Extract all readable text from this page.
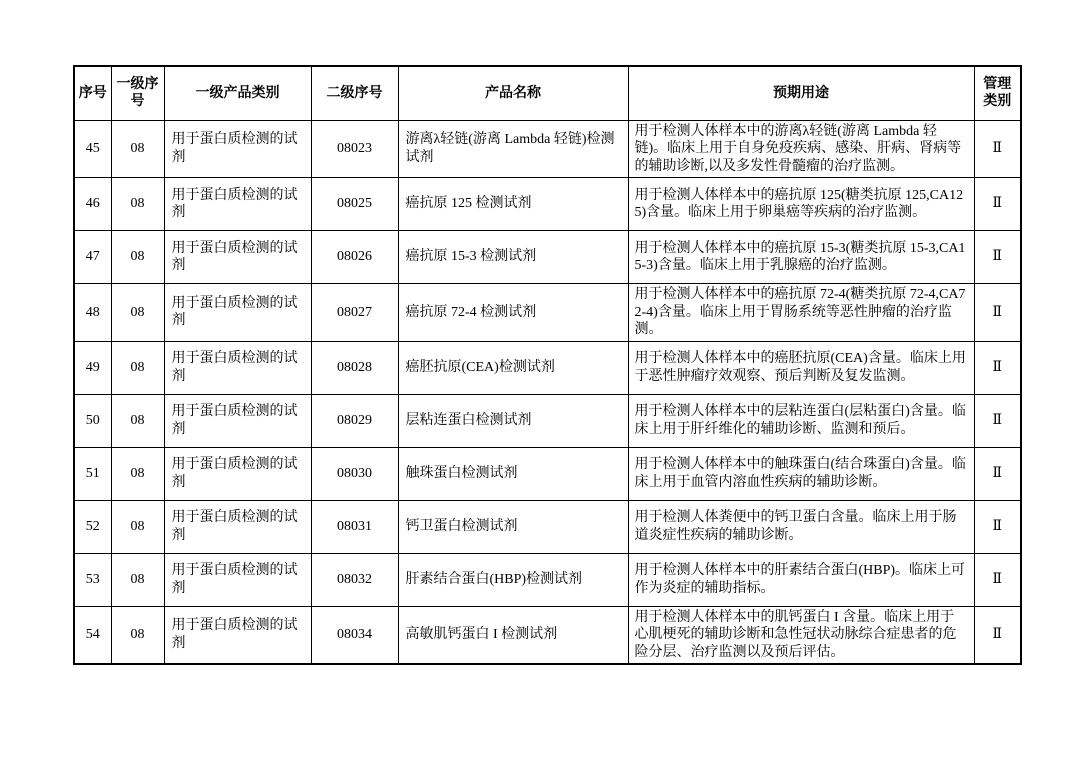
序号	一级序号	一级产品类别	二级序号	产品名称	预期用途	管理类别
45	08	用于蛋白质检测的试剂	08023	游离λ轻链(游离 Lambda 轻链)检测试剂	用于检测人体样本中的游离λ轻链(游离 Lambda 轻链)。临床上用于自身免疫疾病、感染、肝病、肾病等的辅助诊断,以及多发性骨髓瘤的治疗监测。	Ⅱ
46	08	用于蛋白质检测的试剂	08025	癌抗原 125 检测试剂	用于检测人体样本中的癌抗原 125(糖类抗原 125,CA125)含量。临床上用于卵巢癌等疾病的治疗监测。	Ⅱ
47	08	用于蛋白质检测的试剂	08026	癌抗原 15-3 检测试剂	用于检测人体样本中的癌抗原 15-3(糖类抗原 15-3,CA15-3)含量。临床上用于乳腺癌的治疗监测。	Ⅱ
48	08	用于蛋白质检测的试剂	08027	癌抗原 72-4 检测试剂	用于检测人体样本中的癌抗原 72-4(糖类抗原 72-4,CA72-4)含量。临床上用于胃肠系统等恶性肿瘤的治疗监测。	Ⅱ
49	08	用于蛋白质检测的试剂	08028	癌胚抗原(CEA)检测试剂	用于检测人体样本中的癌胚抗原(CEA)含量。临床上用于恶性肿瘤疗效观察、预后判断及复发监测。	Ⅱ
50	08	用于蛋白质检测的试剂	08029	层粘连蛋白检测试剂	用于检测人体样本中的层粘连蛋白(层粘蛋白)含量。临床上用于肝纤维化的辅助诊断、监测和预后。	Ⅱ
51	08	用于蛋白质检测的试剂	08030	触珠蛋白检测试剂	用于检测人体样本中的触珠蛋白(结合珠蛋白)含量。临床上用于血管内溶血性疾病的辅助诊断。	Ⅱ
52	08	用于蛋白质检测的试剂	08031	钙卫蛋白检测试剂	用于检测人体粪便中的钙卫蛋白含量。临床上用于肠道炎症性疾病的辅助诊断。	Ⅱ
53	08	用于蛋白质检测的试剂	08032	肝素结合蛋白(HBP)检测试剂	用于检测人体样本中的肝素结合蛋白(HBP)。临床上可作为炎症的辅助指标。	Ⅱ
54	08	用于蛋白质检测的试剂	08034	高敏肌钙蛋白 I 检测试剂	用于检测人体样本中的肌钙蛋白 I 含量。临床上用于心肌梗死的辅助诊断和急性冠状动脉综合症患者的危险分层、治疗监测以及预后评估。	Ⅱ
